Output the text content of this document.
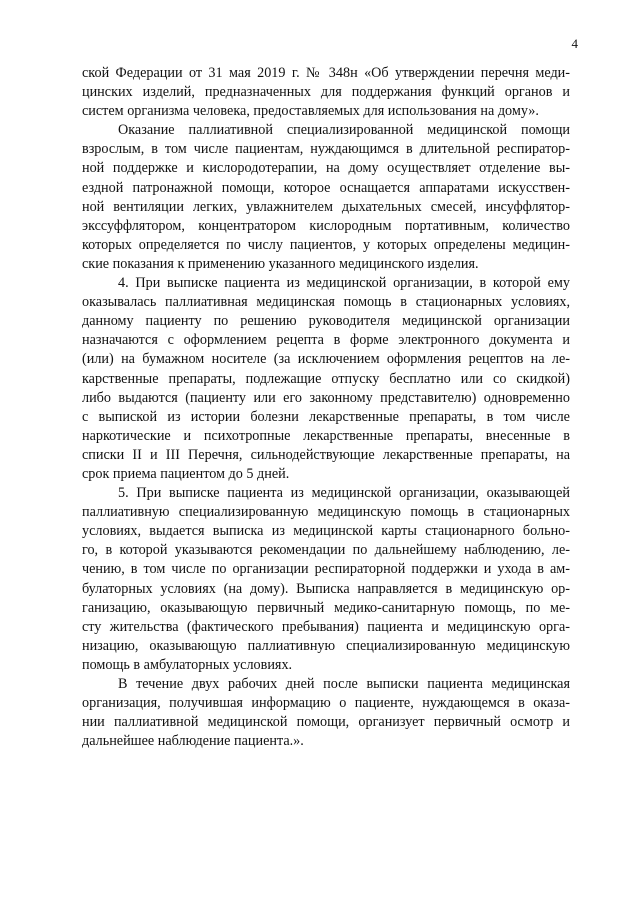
4
ской Федерации от 31 мая 2019 г. № 348н «Об утверждении перечня меди-
цинских изделий, предназначенных для поддержания функций органов и
систем организма человека, предоставляемых для использования на дому».
Оказание паллиативной специализированной медицинской помощи
взрослым, в том числе пациентам, нуждающимся в длительной респиратор-
ной поддержке и кислородотерапии, на дому осуществляет отделение вы-
ездной патронажной помощи, которое оснащается аппаратами искусствен-
ной вентиляции легких, увлажнителем дыхательных смесей, инсуффлятор-
экссуффлятором, концентратором кислородным портативным, количество
которых определяется по числу пациентов, у которых определены медицин-
ские показания к применению указанного медицинского изделия.
4. При выписке пациента из медицинской организации, в которой ему
оказывалась паллиативная медицинская помощь в стационарных условиях,
данному пациенту по решению руководителя медицинской организации
назначаются с оформлением рецепта в форме электронного документа и
(или) на бумажном носителе (за исключением оформления рецептов на ле-
карственные препараты, подлежащие отпуску бесплатно или со скидкой)
либо выдаются (пациенту или его законному представителю) одновременно
с выпиской из истории болезни лекарственные препараты, в том числе
наркотические и психотропные лекарственные препараты, внесенные в
списки II и III Перечня, сильнодействующие лекарственные препараты, на
срок приема пациентом до 5 дней.
5. При выписке пациента из медицинской организации, оказывающей
паллиативную специализированную медицинскую помощь в стационарных
условиях, выдается выписка из медицинской карты стационарного больно-
го, в которой указываются рекомендации по дальнейшему наблюдению, ле-
чению, в том числе по организации респираторной поддержки и ухода в ам-
булаторных условиях (на дому). Выписка направляется в медицинскую ор-
ганизацию, оказывающую первичный медико-санитарную помощь, по ме-
сту жительства (фактического пребывания) пациента и медицинскую орга-
низацию, оказывающую паллиативную специализированную медицинскую
помощь в амбулаторных условиях.
В течение двух рабочих дней после выписки пациента медицинская
организация, получившая информацию о пациенте, нуждающемся в оказа-
нии паллиативной медицинской помощи, организует первичный осмотр и
дальнейшее наблюдение пациента.».
